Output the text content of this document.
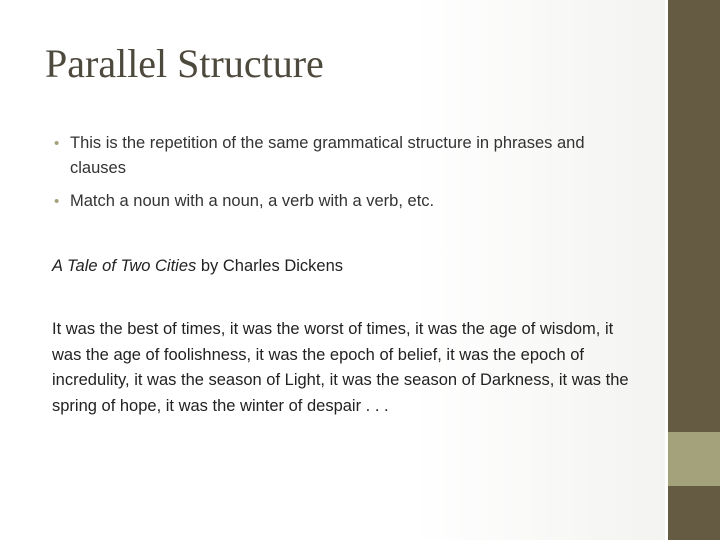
Parallel Structure
• This is the repetition of the same grammatical structure in phrases and clauses
• Match a noun with a noun, a verb with a verb, etc.

A Tale of Two Cities by Charles Dickens

It was the best of times, it was the worst of times, it was the age of wisdom, it was the age of foolishness, it was the epoch of belief, it was the epoch of incredulity, it was the season of Light, it was the season of Darkness, it was the spring of hope, it was the winter of despair . . .
